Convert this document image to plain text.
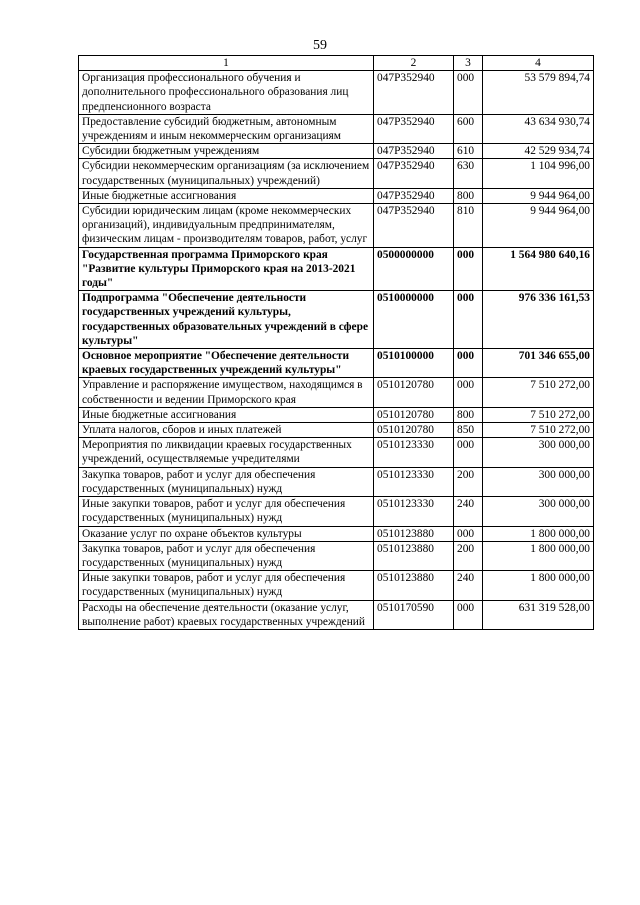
59
1	2	3	4
Организация профессионального обучения и дополнительного профессионального образования лиц предпенсионного возраста	047P352940	000	53 579 894,74
Предоставление субсидий бюджетным, автономным учреждениям и иным некоммерческим организациям	047P352940	600	43 634 930,74
Субсидии бюджетным учреждениям	047P352940	610	42 529 934,74
Субсидии некоммерческим организациям (за исключением государственных (муниципальных) учреждений)	047P352940	630	1 104 996,00
Иные бюджетные ассигнования	047P352940	800	9 944 964,00
Субсидии юридическим лицам (кроме некоммерческих организаций), индивидуальным предпринимателям, физическим лицам - производителям товаров, работ, услуг	047P352940	810	9 944 964,00
Государственная программа Приморского края "Развитие культуры Приморского края на 2013-2021 годы"	0500000000	000	1 564 980 640,16
Подпрограмма "Обеспечение деятельности государственных учреждений культуры, государственных образовательных учреждений в сфере культуры"	0510000000	000	976 336 161,53
Основное мероприятие "Обеспечение деятельности краевых государственных учреждений культуры"	0510100000	000	701 346 655,00
Управление и распоряжение имуществом, находящимся в собственности и ведении Приморского края	0510120780	000	7 510 272,00
Иные бюджетные ассигнования	0510120780	800	7 510 272,00
Уплата налогов, сборов и иных платежей	0510120780	850	7 510 272,00
Мероприятия по ликвидации краевых государственных учреждений, осуществляемые учредителями	0510123330	000	300 000,00
Закупка товаров, работ и услуг для обеспечения государственных (муниципальных) нужд	0510123330	200	300 000,00
Иные закупки товаров, работ и услуг для обеспечения государственных (муниципальных) нужд	0510123330	240	300 000,00
Оказание услуг по охране объектов культуры	0510123880	000	1 800 000,00
Закупка товаров, работ и услуг для обеспечения государственных (муниципальных) нужд	0510123880	200	1 800 000,00
Иные закупки товаров, работ и услуг для обеспечения государственных (муниципальных) нужд	0510123880	240	1 800 000,00
Расходы на обеспечение деятельности (оказание услуг, выполнение работ) краевых государственных учреждений	0510170590	000	631 319 528,00
